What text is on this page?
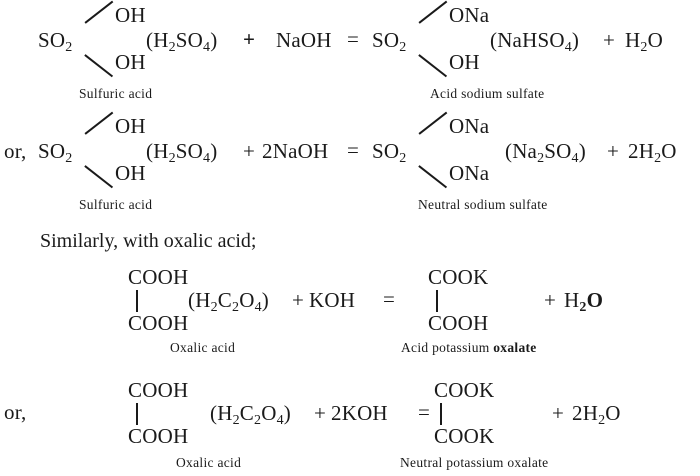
$SO_2$
OH
OH
$(H_2SO_4)$ + NaOH = $SO_2$
ONa
OH
(NaHSO$_4$) + $H_2O$
Sulfuric acid	Acid sodium sulfate
or, $SO_2$
OH
OH
$(H_2SO_4)$ + 2NaOH = $SO_2$
ONa
ONa
$(Na_2SO_4) + 2H_2O$
Sulfuric acid	Neutral sodium sulfate
Similarly, with oxalic acid;
COOH
COOH
$(H_2C_2O_4)$ + KOH =
COOK
COOH
+ $H_2O$
Oxalic acid	Acid potassium oxalate
or,
COOH
COOH
$(H_2C_2O_4) + 2KOH$ =
COOK
COOK
+ $2H_2O$
Oxalic acid	Neutral potassium oxalate
